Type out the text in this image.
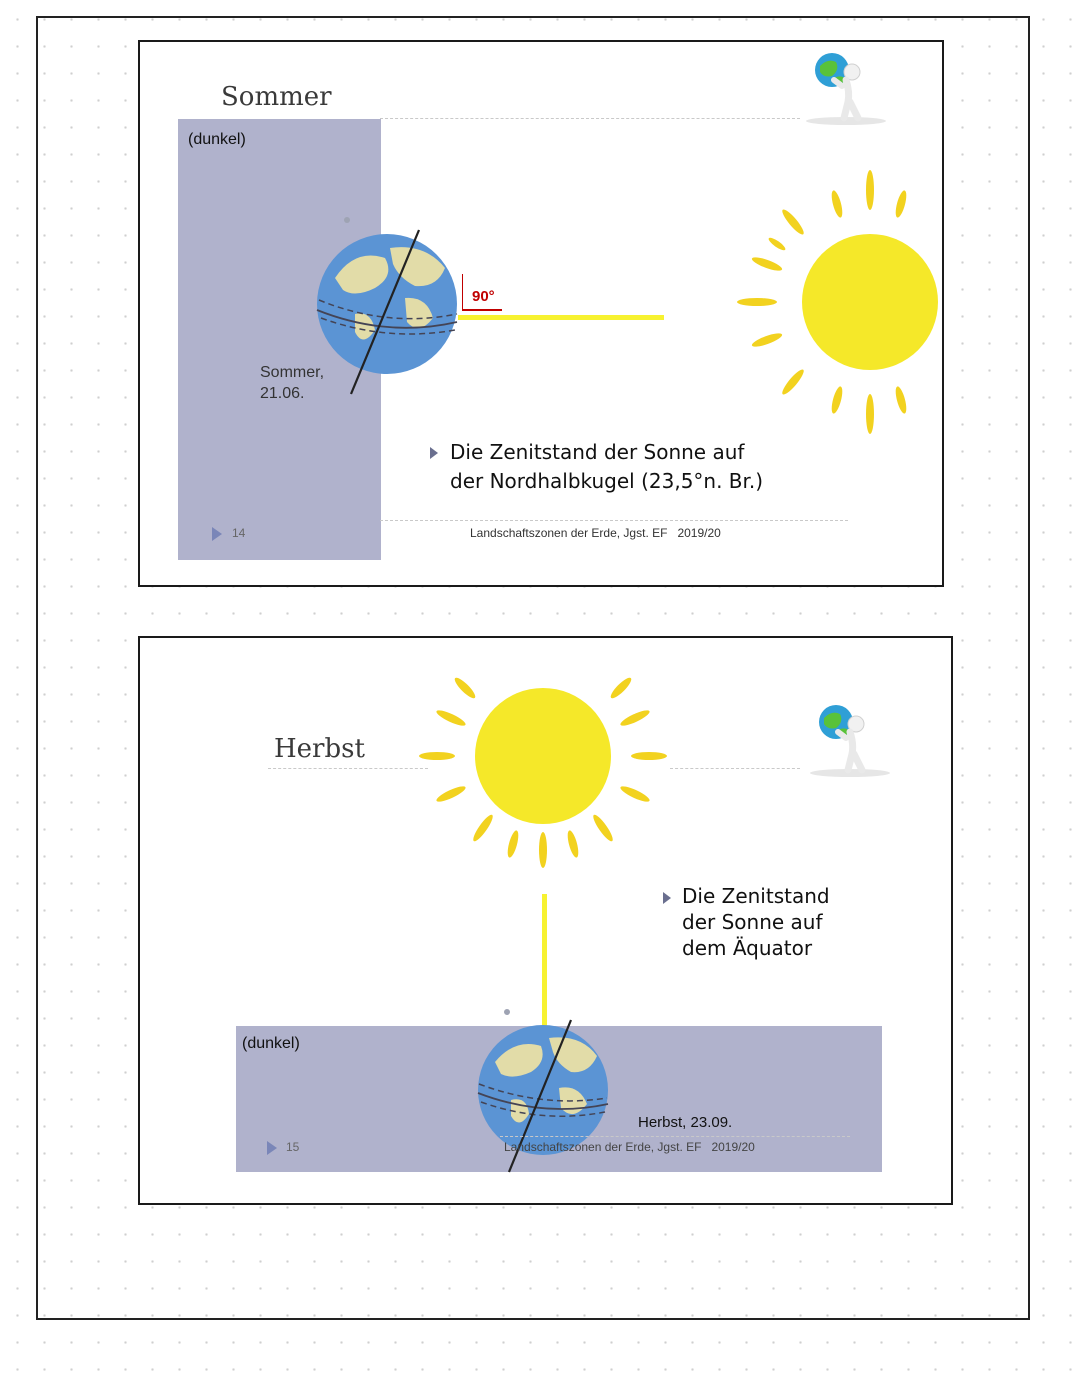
Sommer
(dunkel)
90°
Sommer,
21.06.
Die Zenitstand der Sonne auf
der Nordhalbkugel (23,5°n. Br.)
14	Landschaftszonen der Erde, Jgst. EF   2019/20
Herbst
Die Zenitstand
der Sonne auf
dem Äquator
(dunkel)
Herbst, 23.09.
15	Landschaftszonen der Erde, Jgst. EF   2019/20
